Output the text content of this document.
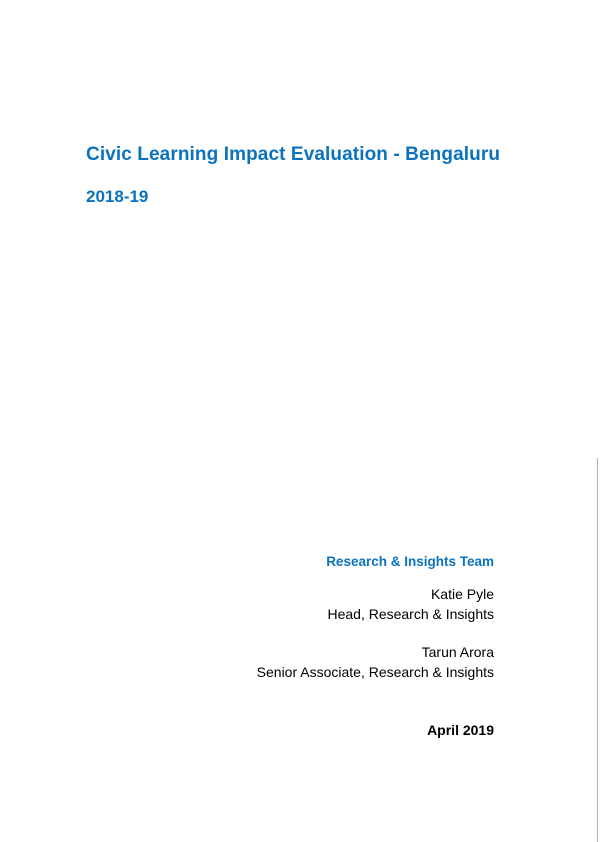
Civic Learning Impact Evaluation - Bengaluru
2018-19
Research & Insights Team
Katie Pyle
Head, Research & Insights
Tarun Arora
Senior Associate, Research & Insights
April 2019
